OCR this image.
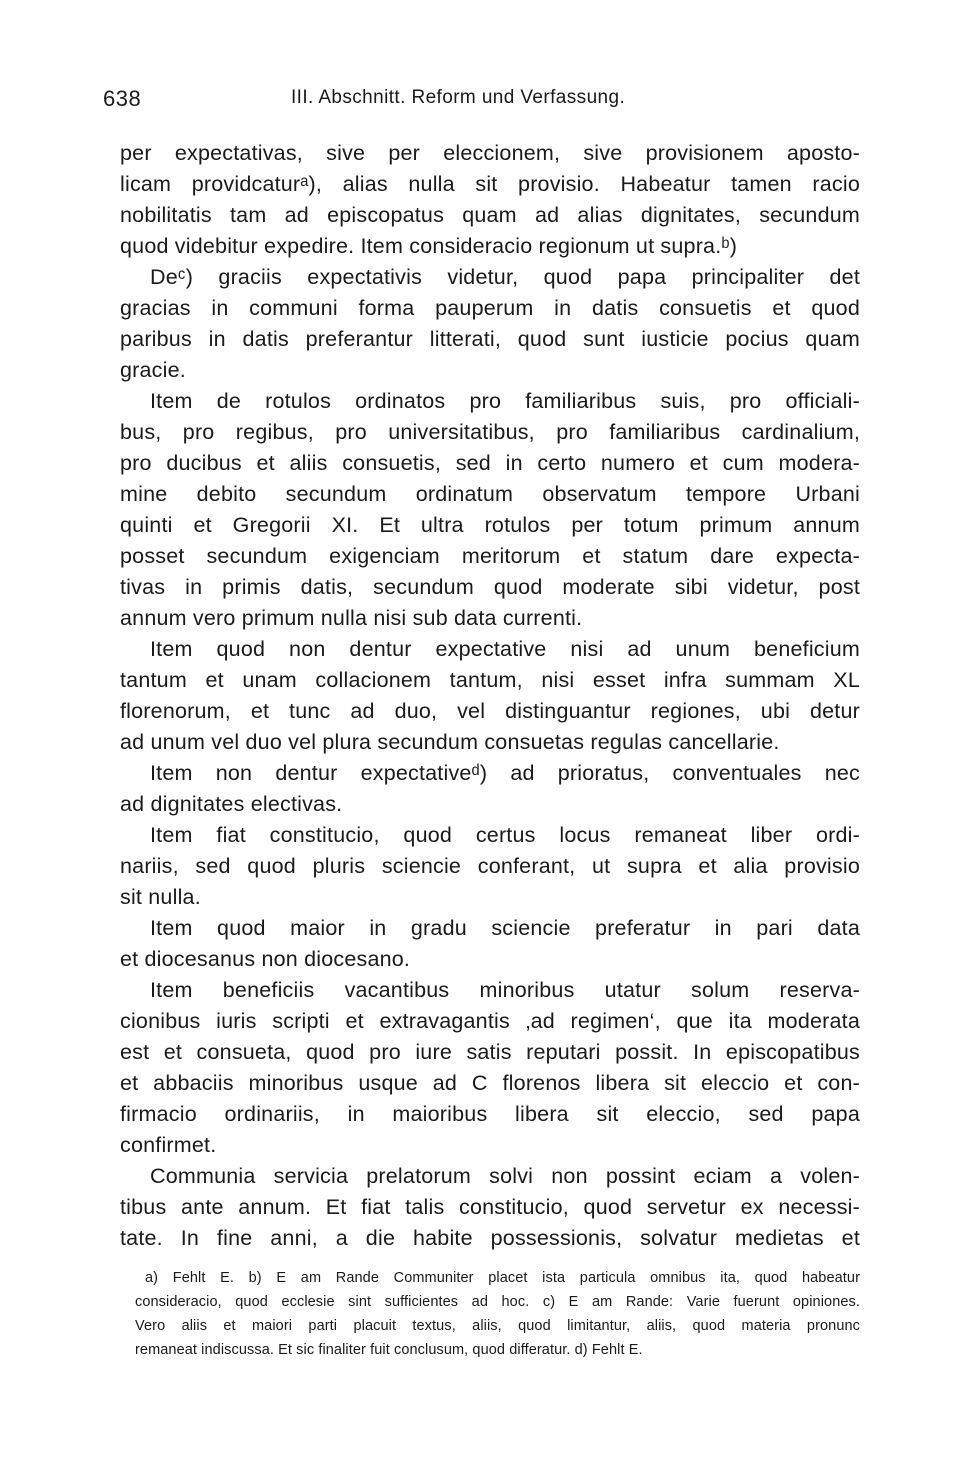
638	III. Abschnitt. Reform und Verfassung.
per expectativas, sive per eleccionem, sive provisionem aposto-
licam providcaturᵃ), alias nulla sit provisio. Habeatur tamen racio
nobilitatis tam ad episcopatus quam ad alias dignitates, secundum
quod videbitur expedire. Item consideracio regionum ut supra.ᵇ)
Deᶜ) graciis expectativis videtur, quod papa principaliter det
gracias in communi forma pauperum in datis consuetis et quod
paribus in datis preferantur litterati, quod sunt iusticie pocius quam
gracie.
Item de rotulos ordinatos pro familiaribus suis, pro officiali-
bus, pro regibus, pro universitatibus, pro familiaribus cardinalium,
pro ducibus et aliis consuetis, sed in certo numero et cum modera-
mine debito secundum ordinatum observatum tempore Urbani
quinti et Gregorii XI. Et ultra rotulos per totum primum annum
posset secundum exigenciam meritorum et statum dare expecta-
tivas in primis datis, secundum quod moderate sibi videtur, post
annum vero primum nulla nisi sub data currenti.
Item quod non dentur expectative nisi ad unum beneficium
tantum et unam collacionem tantum, nisi esset infra summam XL
florenorum, et tunc ad duo, vel distinguantur regiones, ubi detur
ad unum vel duo vel plura secundum consuetas regulas cancellarie.
Item non dentur expectativeᵈ) ad prioratus, conventuales nec
ad dignitates electivas.
Item fiat constitucio, quod certus locus remaneat liber ordi-
nariis, sed quod pluris sciencie conferant, ut supra et alia provisio
sit nulla.
Item quod maior in gradu sciencie preferatur in pari data
et diocesanus non diocesano.
Item beneficiis vacantibus minoribus utatur solum reserva-
cionibus iuris scripti et extravagantis ‚ad regimen‘, que ita moderata
est et consueta, quod pro iure satis reputari possit. In episcopatibus
et abbaciis minoribus usque ad C florenos libera sit eleccio et con-
firmacio ordinariis, in maioribus libera sit eleccio, sed papa
confirmet.
Communia servicia prelatorum solvi non possint eciam a volen-
tibus ante annum. Et fiat talis constitucio, quod servetur ex necessi-
tate. In fine anni, a die habite possessionis, solvatur medietas et
a) Fehlt E. b) E am Rande Communiter placet ista particula omnibus ita, quod habeatur
consideracio, quod ecclesie sint sufficientes ad hoc. c) E am Rande: Varie fuerunt opiniones.
Vero aliis et maiori parti placuit textus, aliis, quod limitantur, aliis, quod materia pronunc
remaneat indiscussa. Et sic finaliter fuit conclusum, quod differatur. d) Fehlt E.
